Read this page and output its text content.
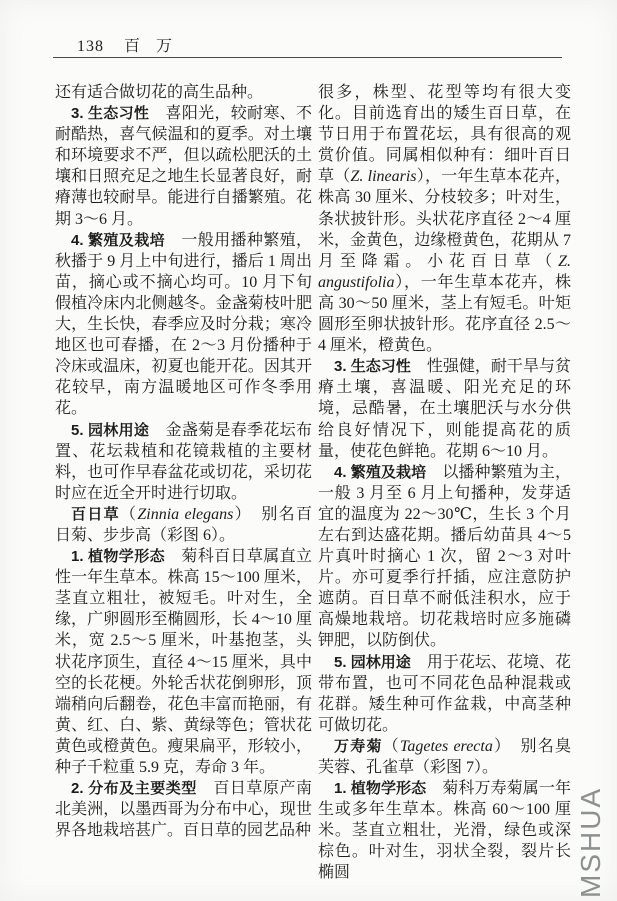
138 百 万

还有适合做切花的高生品种。

3. 生态习性　喜阳光，较耐寒、不耐酷热，喜气候温和的夏季。对土壤和环境要求不严，但以疏松肥沃的土壤和日照充足之地生长显著良好，耐瘠薄也较耐旱。能进行自播繁殖。花期 3～6 月。

4. 繁殖及栽培　一般用播种繁殖，秋播于 9 月上中旬进行，播后 1 周出苗，摘心或不摘心均可。10 月下旬假植冷床内北侧越冬。金盏菊枝叶肥大，生长快，春季应及时分栽；寒冷地区也可春播，在 2～3 月份播种于冷床或温床，初夏也能开花。因其开花较早，南方温暖地区可作冬季用花。

5. 园林用途　金盏菊是春季花坛布置、花坛栽植和花镜栽植的主要材料，也可作早春盆花或切花，采切花时应在近全开时进行切取。

百日草（Zinnia elegans）　别名百日菊、步步高（彩图 6）。

1. 植物学形态　菊科百日草属直立性一年生草本。株高 15～100 厘米，茎直立粗壮，被短毛。叶对生，全缘，广卵圆形至椭圆形，长 4～10 厘米，宽 2.5～5 厘米，叶基抱茎，头状花序顶生，直径 4～15 厘米，具中空的长花梗。外轮舌状花倒卵形，顶端稍向后翻卷，花色丰富而艳丽，有黄、红、白、紫、黄绿等色；管状花黄色或橙黄色。瘦果扁平，形较小，种子千粒重 5.9 克，寿命 3 年。

2. 分布及主要类型　百日草原产南北美洲，以墨西哥为分布中心，现世界各地栽培甚广。百日草的园艺品种

很多，株型、花型等均有很大变化。目前选育出的矮生百日草，在节日用于布置花坛，具有很高的观赏价值。同属相似种有：细叶百日草（Z. linearis），一年生草本花卉，株高 30 厘米、分枝较多；叶对生，条状披针形。头状花序直径 2～4 厘米，金黄色，边缘橙黄色，花期从 7 月至降霜。小花百日草（Z. angustifolia），一年生草本花卉，株高 30～50 厘米，茎上有短毛。叶矩圆形至卵状披针形。花序直径 2.5～4 厘米，橙黄色。

3. 生态习性　性强健，耐干旱与贫瘠土壤，喜温暖、阳光充足的环境，忌酷暑，在土壤肥沃与水分供给良好情况下，则能提高花的质量，使花色鲜艳。花期 6～10 月。

4. 繁殖及栽培　以播种繁殖为主，一般 3 月至 6 月上旬播种，发芽适宜的温度为 22～30℃，生长 3 个月左右到达盛花期。播后幼苗具 4～5 片真叶时摘心 1 次，留 2～3 对叶片。亦可夏季行扦插，应注意防护遮荫。百日草不耐低洼积水，应于高燥地栽培。切花栽培时应多施磷钾肥，以防倒伏。

5. 园林用途　用于花坛、花境、花带布置，也可不同花色品种混栽或花群。矮生种可作盆栽，中高茎种可做切花。

万寿菊（Tagetes erecta）　别名臭芙蓉、孔雀草（彩图 7）。

1. 植物学形态　菊科万寿菊属一年生或多年生草本。株高 60～100 厘米。茎直立粗壮，光滑，绿色或深棕色。叶对生，羽状全裂，裂片长椭圆	MSHUA
